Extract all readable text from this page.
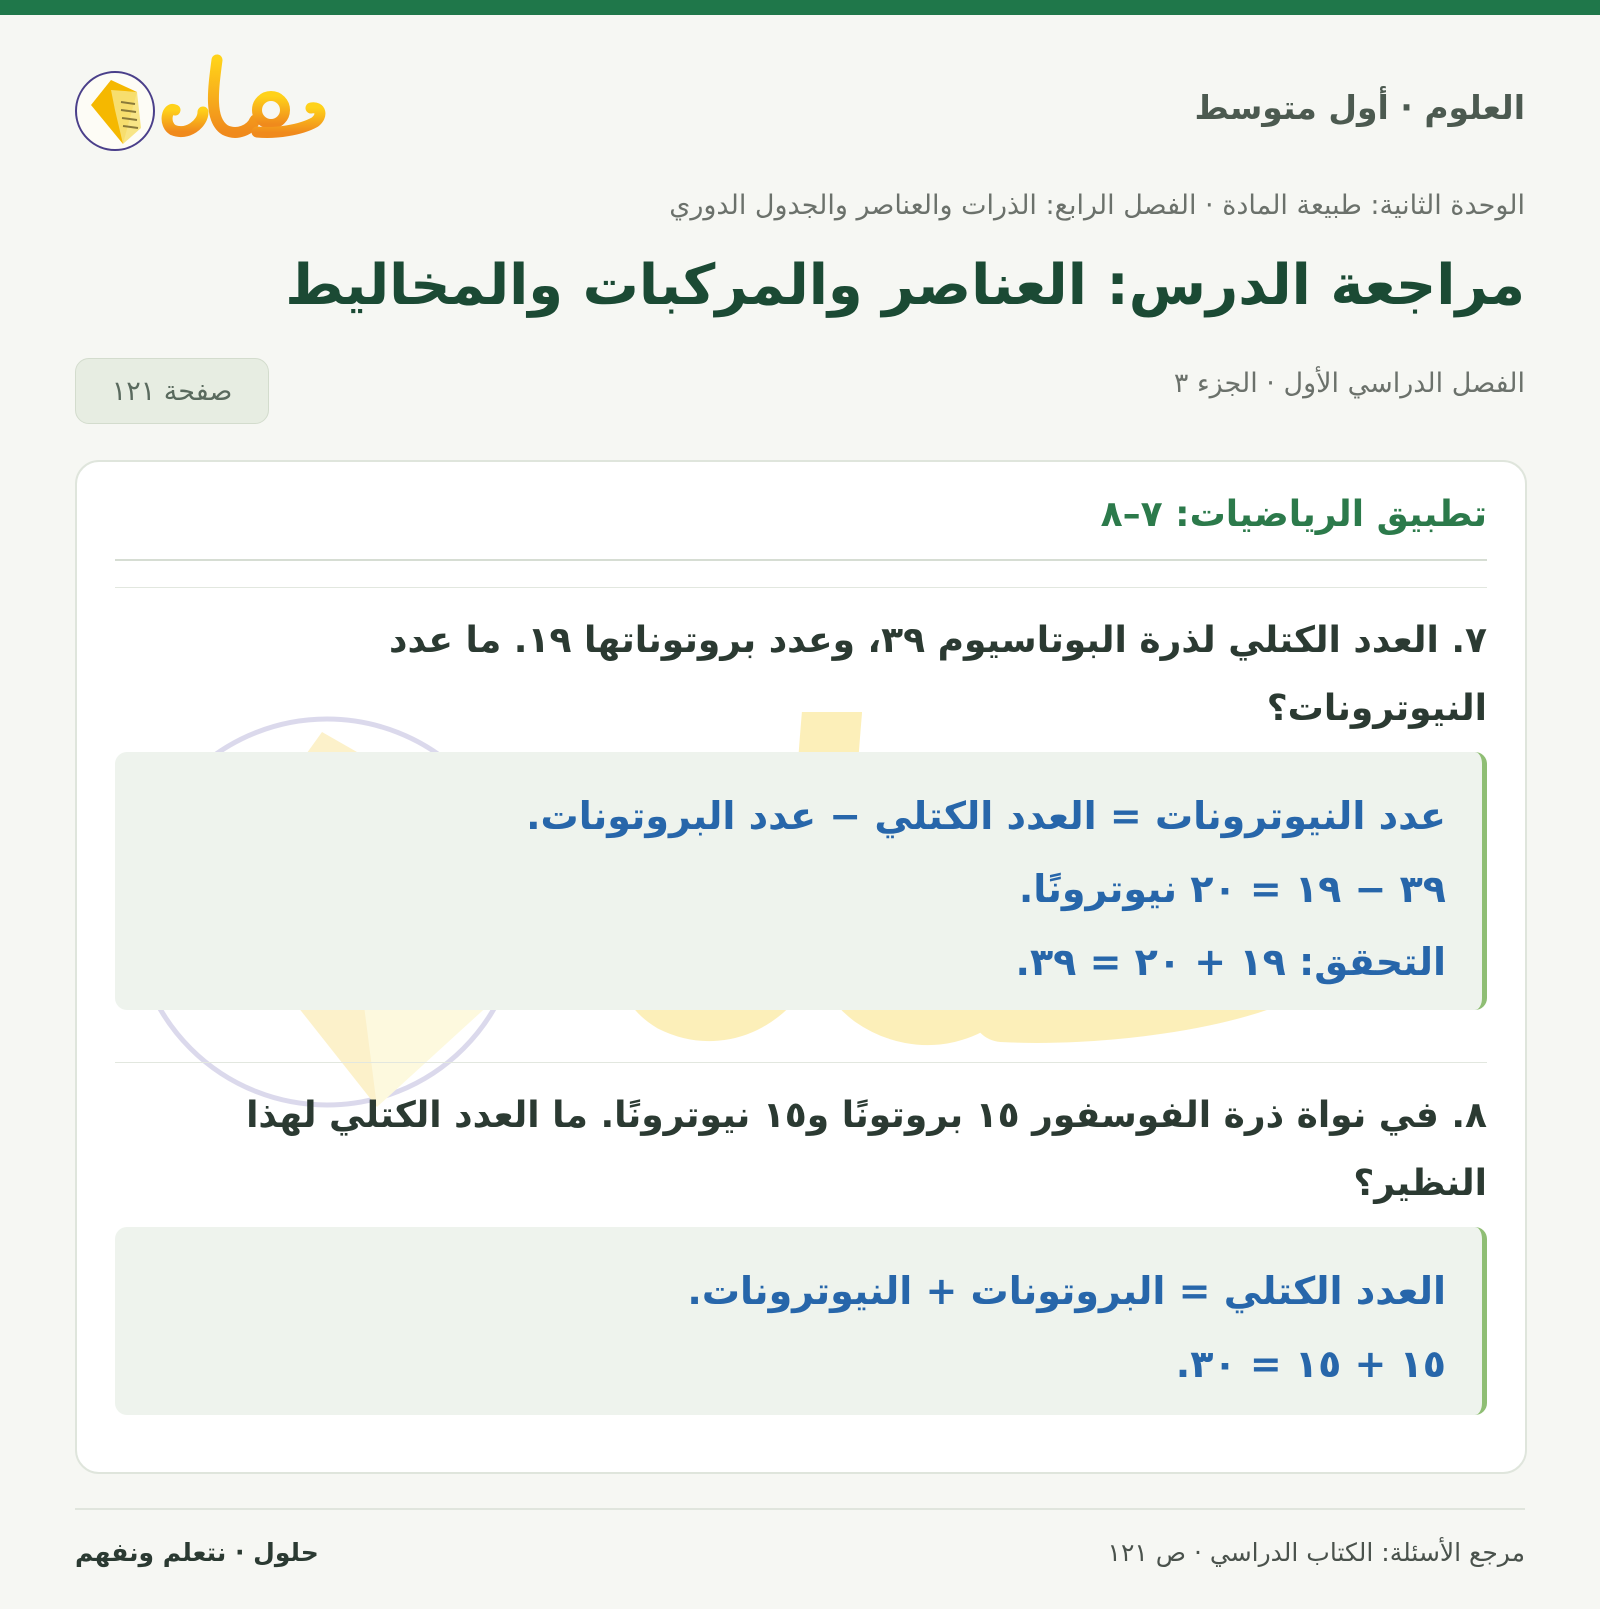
العلوم · أول متوسط
الوحدة الثانية: طبيعة المادة · الفصل الرابع: الذرات والعناصر والجدول الدوري
مراجعة الدرس: العناصر والمركبات والمخاليط
الفصل الدراسي الأول · الجزء ٣
صفحة ١٢١
تطبيق الرياضيات: ٧–٨
٧. العدد الكتلي لذرة البوتاسيوم ٣٩، وعدد بروتوناتها ١٩. ما عدد النيوترونات؟
عدد النيوترونات = العدد الكتلي − عدد البروتونات.
٣٩ − ١٩ = ٢٠ نيوترونًا.
التحقق: ١٩ + ٢٠ = ٣٩.
٨. في نواة ذرة الفوسفور ١٥ بروتونًا و١٥ نيوترونًا. ما العدد الكتلي لهذا النظير؟
العدد الكتلي = البروتونات + النيوترونات.
١٥ + ١٥ = ٣٠.
مرجع الأسئلة: الكتاب الدراسي · ص ١٢١
حلول · نتعلم ونفهم
